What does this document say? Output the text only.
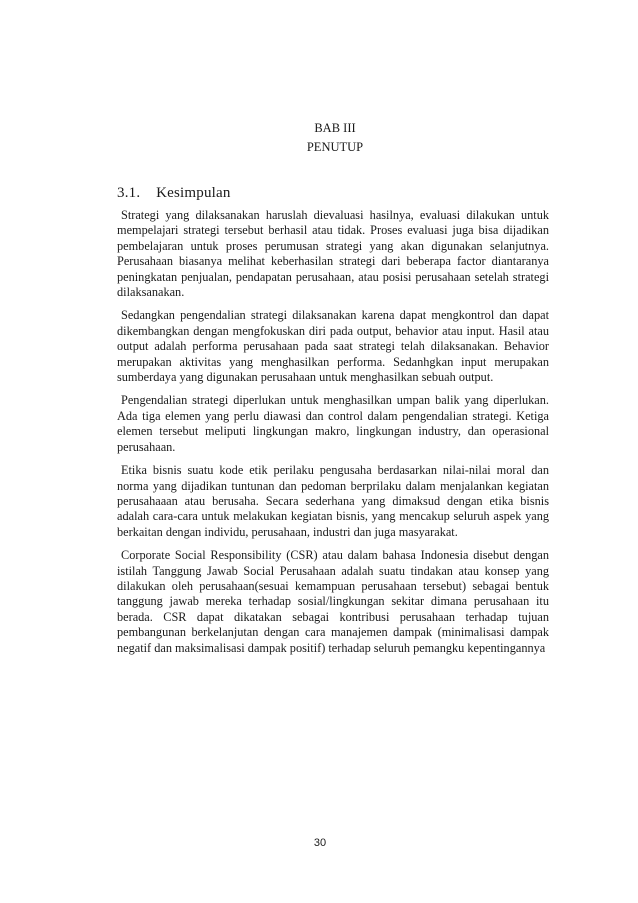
BAB III
PENUTUP
3.1.    Kesimpulan

Strategi yang dilaksanakan haruslah dievaluasi hasilnya, evaluasi dilakukan untuk mempelajari strategi tersebut berhasil atau tidak. Proses evaluasi juga bisa dijadikan pembelajaran untuk proses perumusan strategi yang akan digunakan selanjutnya. Perusahaan biasanya melihat keberhasilan strategi dari beberapa factor diantaranya peningkatan penjualan, pendapatan perusahaan, atau posisi perusahaan setelah strategi dilaksanakan.

Sedangkan pengendalian strategi dilaksanakan karena dapat mengkontrol dan dapat dikembangkan dengan mengfokuskan diri pada output, behavior atau input. Hasil atau output adalah performa perusahaan pada saat strategi telah dilaksanakan. Behavior merupakan aktivitas yang menghasilkan performa. Sedanhgkan input merupakan sumberdaya yang digunakan perusahaan untuk menghasilkan sebuah output.

Pengendalian strategi diperlukan untuk menghasilkan umpan balik yang diperlukan. Ada tiga elemen yang perlu diawasi dan control dalam pengendalian strategi. Ketiga elemen tersebut meliputi lingkungan makro, lingkungan industry, dan operasional perusahaan.

Etika bisnis suatu kode etik perilaku pengusaha berdasarkan nilai-nilai moral dan norma yang dijadikan tuntunan dan pedoman berprilaku dalam menjalankan kegiatan perusahaaan atau berusaha. Secara sederhana yang dimaksud dengan etika bisnis adalah cara-cara untuk melakukan kegiatan bisnis, yang mencakup seluruh aspek yang berkaitan dengan individu, perusahaan, industri dan juga masyarakat.

Corporate Social Responsibility (CSR) atau dalam bahasa Indonesia disebut dengan istilah Tanggung Jawab Social Perusahaan adalah suatu tindakan atau konsep yang dilakukan oleh perusahaan(sesuai kemampuan perusahaan tersebut) sebagai bentuk tanggung jawab mereka terhadap sosial/lingkungan sekitar dimana perusahaan itu berada. CSR dapat dikatakan sebagai kontribusi perusahaan terhadap tujuan pembangunan berkelanjutan dengan cara manajemen dampak (minimalisasi dampak negatif dan maksimalisasi dampak positif) terhadap seluruh pemangku kepentingannya

30
